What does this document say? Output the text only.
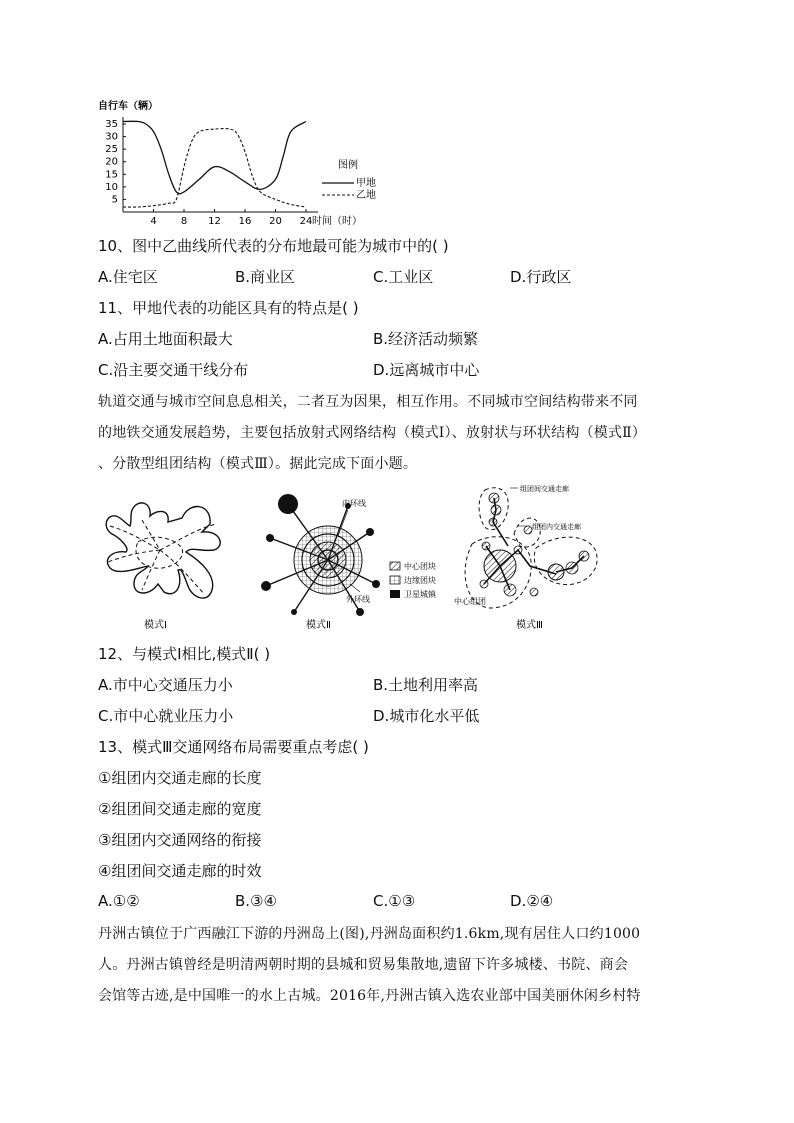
自行车（辆）
35
30
25
20
15
10
5
4 8 12 16 20 24 时间（时）
图例
甲地
乙地
10、图中乙曲线所代表的分布地最可能为城市中的( )
A.住宅区	B.商业区	C.工业区	D.行政区
11、甲地代表的功能区具有的特点是( )
A.占用土地面积最大	B.经济活动频繁
C.沿主要交通干线分布	D.远离城市中心
轨道交通与城市空间息息相关，二者互为因果，相互作用。不同城市空间结构带来不同
的地铁交通发展趋势，主要包括放射式网络结构（模式Ⅰ）、放射状与环状结构（模式Ⅱ）
、分散型组团结构（模式Ⅲ）。据此完成下面小题。
模式Ⅰ
内环线
外环线
中心团块
边缘团块
卫星城镇
模式Ⅱ
组团间交通走廊
组团内交通走廊
中心组团
模式Ⅲ
12、与模式Ⅰ相比,模式Ⅱ( )
A.市中心交通压力小	B.土地利用率高
C.市中心就业压力小	D.城市化水平低
13、模式Ⅲ交通网络布局需要重点考虑( )
①组团内交通走廊的长度
②组团间交通走廊的宽度
③组团内交通网络的衔接
④组团间交通走廊的时效
A.①②	B.③④	C.①③	D.②④
丹洲古镇位于广西融江下游的丹洲岛上(图),丹洲岛面积约1.6km,现有居住人口约1000
人。丹洲古镇曾经是明清两朝时期的县城和贸易集散地,遗留下许多城楼、书院、商会
会馆等古迹,是中国唯一的水上古城。2016年,丹洲古镇入选农业部中国美丽休闲乡村特
